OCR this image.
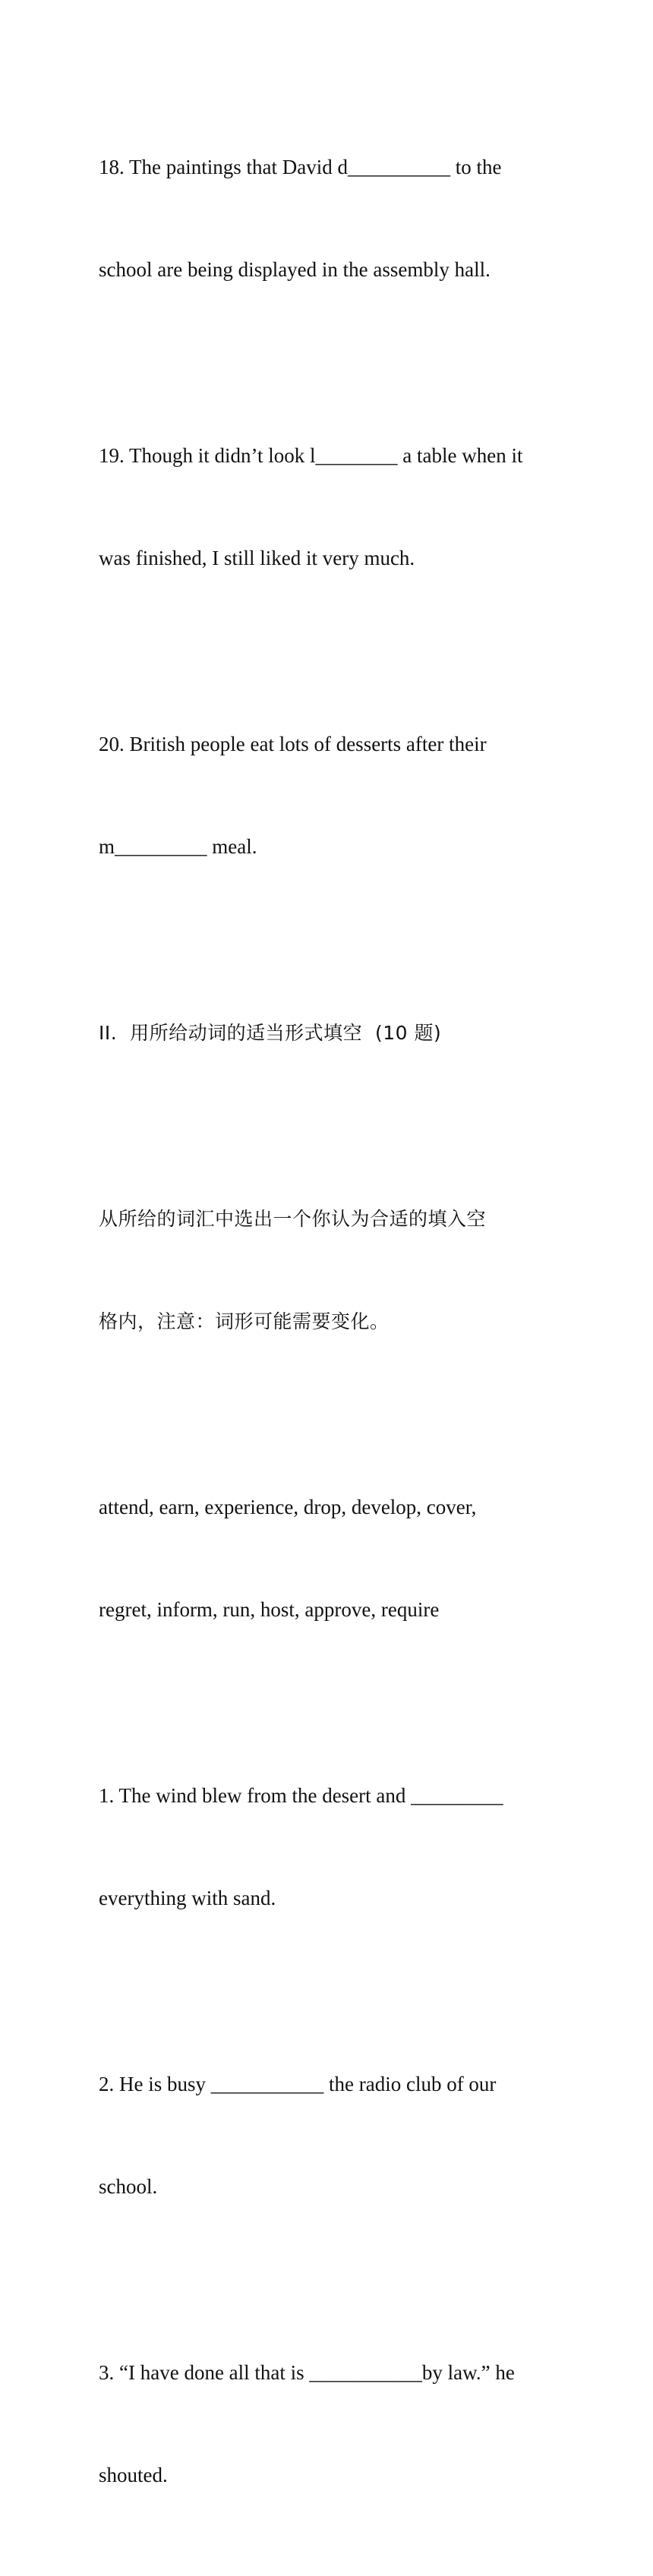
18. The paintings that David d__________ to the

school are being displayed in the assembly hall.

19. Though it didn’t look l________ a table when it

was finished, I still liked it very much.

20. British people eat lots of desserts after their

m_________ meal.

II.  用所给动词的适当形式填空  (10 题)

从所给的词汇中选出一个你认为合适的填入空

格内，注意：词形可能需要变化。

attend, earn, experience, drop, develop, cover,

regret, inform, run, host, approve, require

1. The wind blew from the desert and _________

everything with sand.

2. He is busy ___________ the radio club of our

school.

3. “I have done all that is ___________by law.” he

shouted.
